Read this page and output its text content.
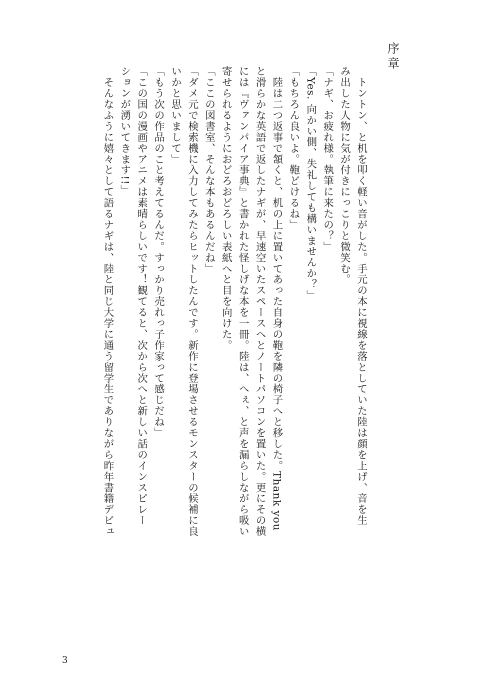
序章
　トントン、と机を叩く軽い音がした。手元の本に視線を落としていた陸は顔を上げ、音を生
み出した人物に気が付きにっこりと微笑む。
「ナギ、お疲れ様。執筆に来たの？」
「Yes. 向かい側、失礼しても構いませんか？」
「もちろん良いよ。鞄どけるね」
　陸は二つ返事で頷くと、机の上に置いてあった自身の鞄を隣の椅子へと移した。Thank you
と滑らかな英語で返したナギが、早速空いたスペースへとノートパソコンを置いた。更にその横
には『ヴァンパイア事典』と書かれた怪しげな本を一冊。陸は、へぇ、と声を漏らしながら吸い
寄せられるようにおどろおどろしい表紙へと目を向けた。
「ここの図書室、そんな本もあるんだね」
「ダメ元で検索機に入力してみたらヒットしたんです。新作に登場させるモンスターの候補に良
いかと思いまして」
「もう次の作品のこと考えてるんだ。すっかり売れっ子作家って感じだね」
「この国の漫画やアニメは素晴らしいです！観てると、次から次へと新しい話のインスピレー
ションが湧いてきます!!」
　そんなふうに嬉々として語るナギは、陸と同じ大学に通う留学生でありながら昨年書籍デビュ
3
